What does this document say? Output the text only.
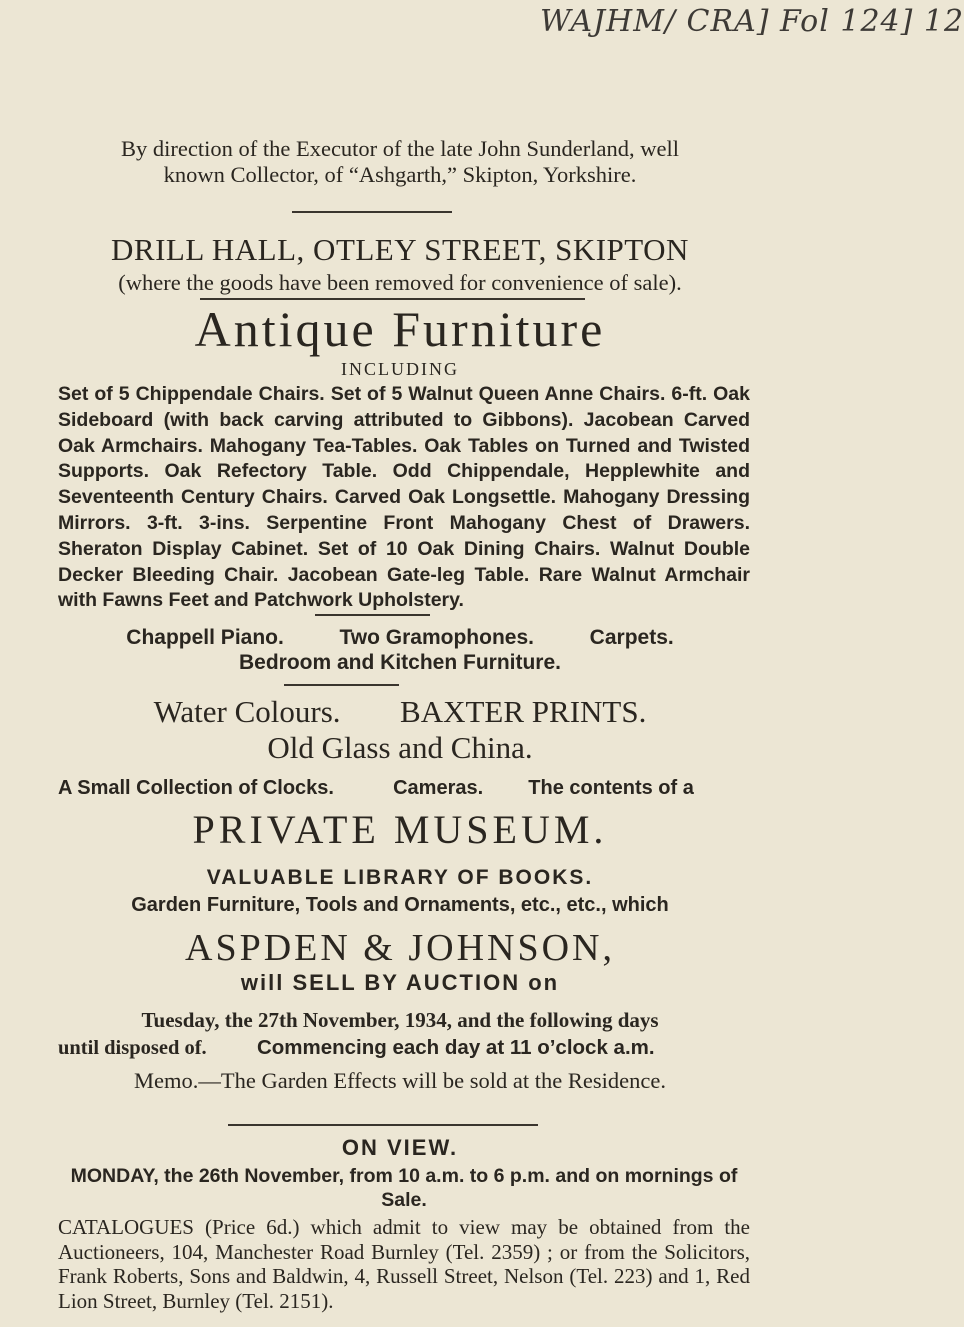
WAJHM/ CRA] Fol 124] 12
By direction of the Executor of the late John Sunderland, well
known Collector, of “Ashgarth,” Skipton, Yorkshire.
DRILL HALL, OTLEY STREET, SKIPTON
(where the goods have been removed for convenience of sale).
Antique Furniture
INCLUDING

Set of 5 Chippendale Chairs. Set of 5 Walnut Queen Anne Chairs. 6-ft. Oak Sideboard (with back carving attributed to Gibbons). Jacobean Carved Oak Armchairs. Mahogany Tea-Tables. Oak Tables on Turned and Twisted Supports. Oak Refectory Table. Odd Chippendale, Hepplewhite and Seventeenth Century Chairs. Carved Oak Longsettle. Mahogany Dressing Mirrors. 3-ft. 3-ins. Serpentine Front Mahogany Chest of Drawers. Sheraton Display Cabinet. Set of 10 Oak Dining Chairs. Walnut Double Decker Bleeding Chair. Jacobean Gate-leg Table. Rare Walnut Armchair with Fawns Feet and Patchwork Upholstery.

Chappell Piano.	Two Gramophones.	Carpets.
Bedroom and Kitchen Furniture.
Water Colours. BAXTER PRINTS.
Old Glass and China.
A Small Collection of Clocks.	Cameras. The contents of a
PRIVATE MUSEUM.
VALUABLE LIBRARY OF BOOKS.
Garden Furniture, Tools and Ornaments, etc., etc., which
ASPDEN & JOHNSON,
will SELL BY AUCTION on
Tuesday, the 27th November, 1934, and the following days
until disposed of. Commencing each day at 11 o’clock a.m.
Memo.—The Garden Effects will be sold at the Residence.
ON VIEW.
MONDAY, the 26th November, from 10 a.m. to 6 p.m. and on mornings of Sale.

CATALOGUES (Price 6d.) which admit to view may be obtained from the Auctioneers, 104, Manchester Road Burnley (Tel. 2359) ; or from the Solicitors, Frank Roberts, Sons and Baldwin, 4, Russell Street, Nelson (Tel. 223) and 1, Red Lion Street, Burnley (Tel. 2151).
